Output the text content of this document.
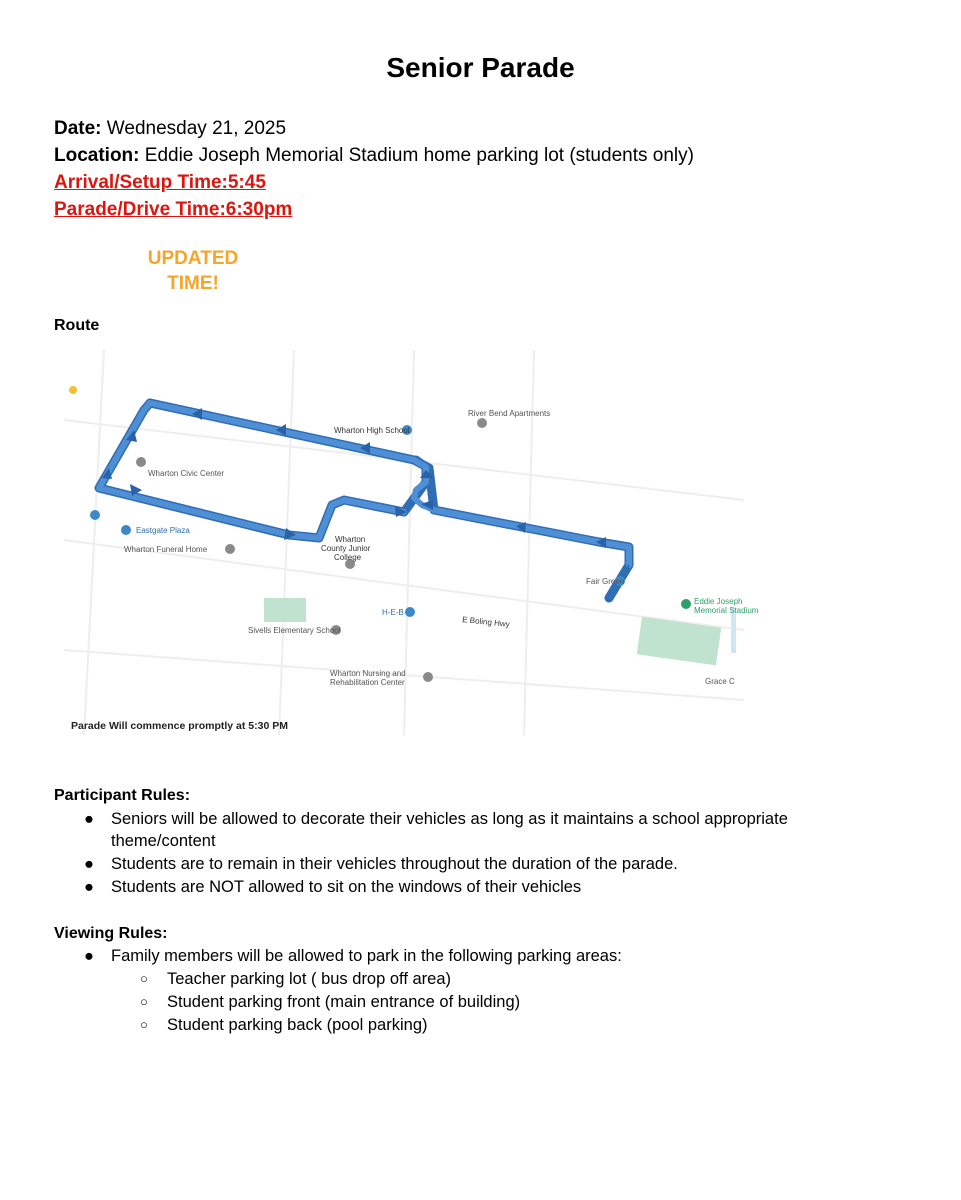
Senior Parade
Date: Wednesday 21, 2025
Location: Eddie Joseph Memorial Stadium home parking lot (students only)
Arrival/Setup Time:5:45
Parade/Drive Time:6:30pm
UPDATED
TIME!
Route
Wharton High School
River Bend Apartments
Wharton Civic Center
Eastgate Plaza
Wharton Funeral Home
Wharton
County Junior
College
H-E-B
E Boling Hwy
Sivells Elementary School
Eddie Joseph
Memorial Stadium
Wharton Nursing and
Rehabilitation Center	Grace C
Fair Green
Parade Will commence promptly at 5:30 PM
Participant Rules:
● Seniors will be allowed to decorate their vehicles as long as it maintains a school appropriate theme/content
● Students are to remain in their vehicles throughout the duration of the parade.
● Students are NOT allowed to sit on the windows of their vehicles
Viewing Rules:
● Family members will be allowed to park in the following parking areas:
○ Teacher parking lot ( bus drop off area)
○ Student parking front (main entrance of building)
○ Student parking back (pool parking)
